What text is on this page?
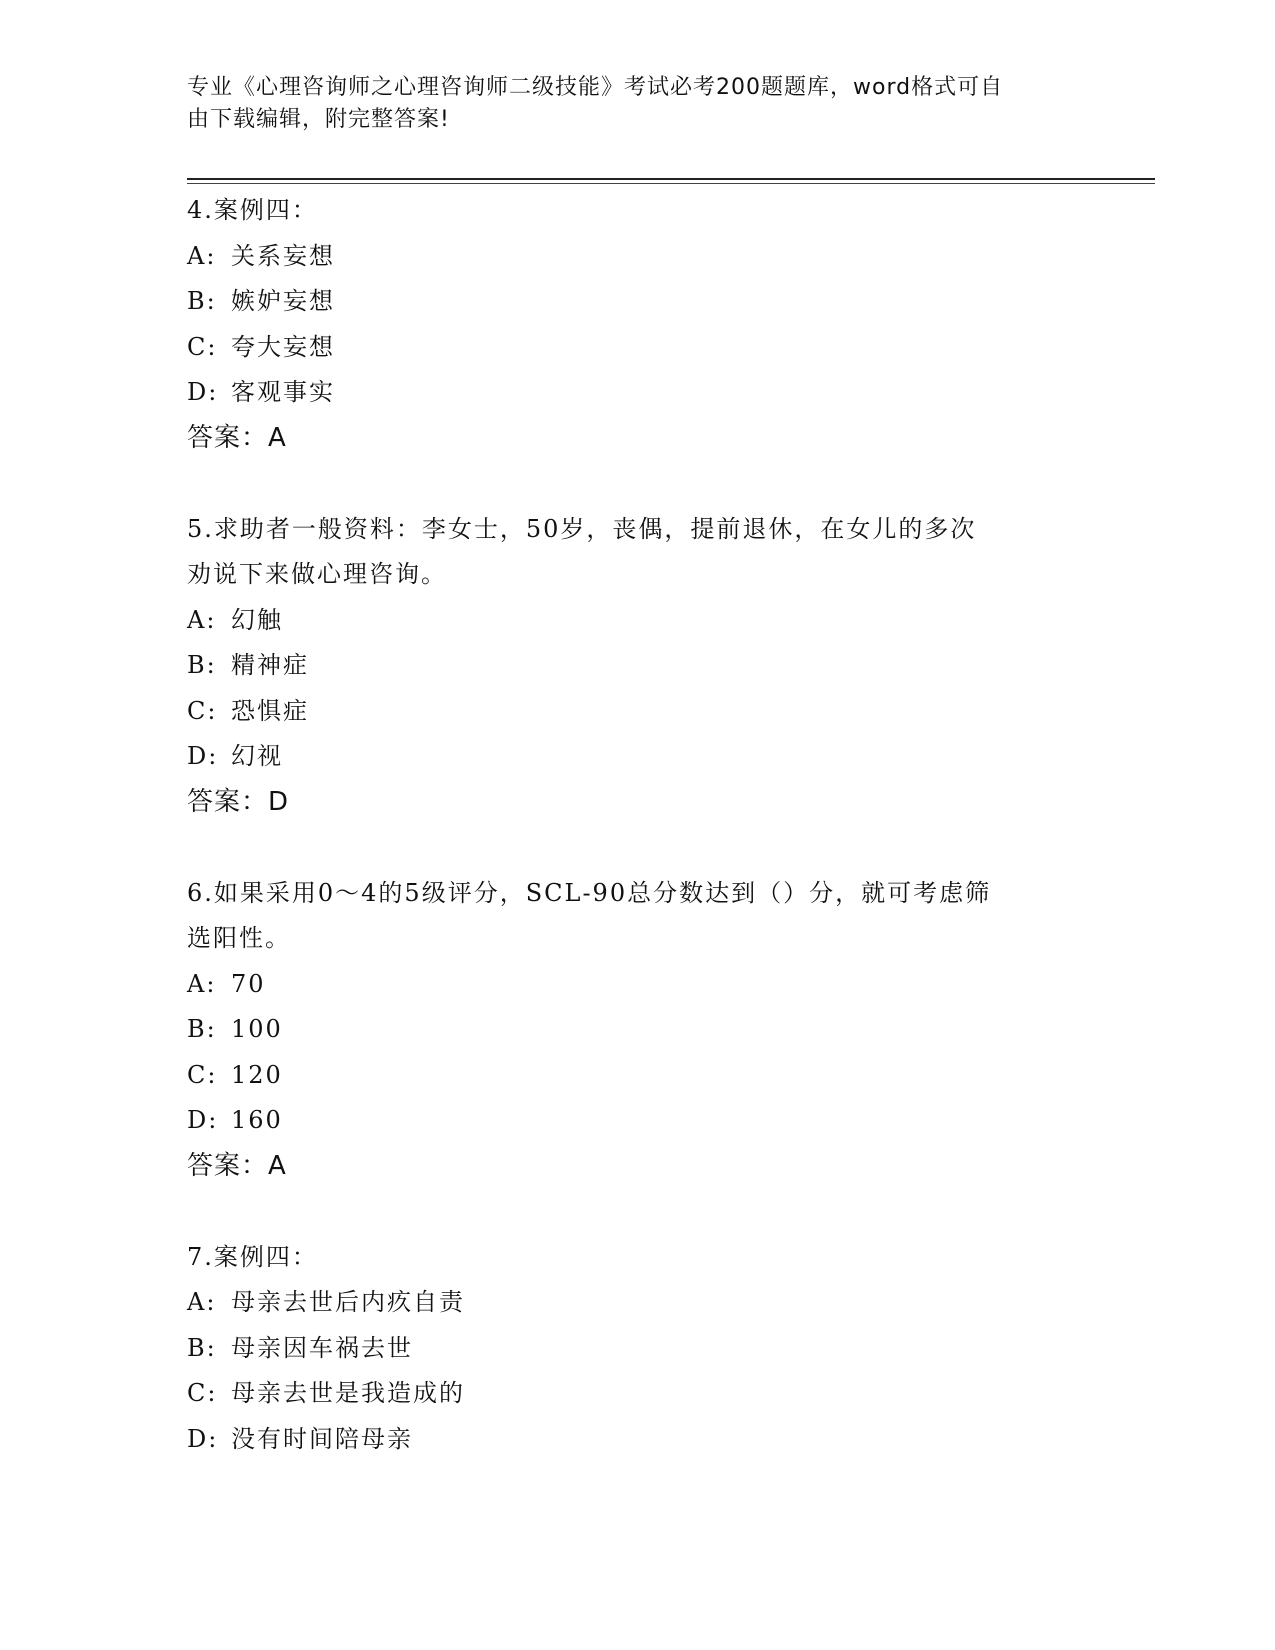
专业《心理咨询师之心理咨询师二级技能》考试必考200题题库，word格式可自
由下载编辑，附完整答案!
4.案例四：
A: 关系妄想
B: 嫉妒妄想
C: 夸大妄想
D: 客观事实
答案：A
5.求助者一般资料：李女士，50岁，丧偶，提前退休，在女儿的多次
劝说下来做心理咨询。
A: 幻触
B: 精神症
C: 恐惧症
D: 幻视
答案：D
6.如果采用0～4的5级评分，SCL-90总分数达到（）分，就可考虑筛
选阳性。
A: 70
B: 100
C: 120
D: 160
答案：A
7.案例四：
A: 母亲去世后内疚自责
B: 母亲因车祸去世
C: 母亲去世是我造成的
D: 没有时间陪母亲
